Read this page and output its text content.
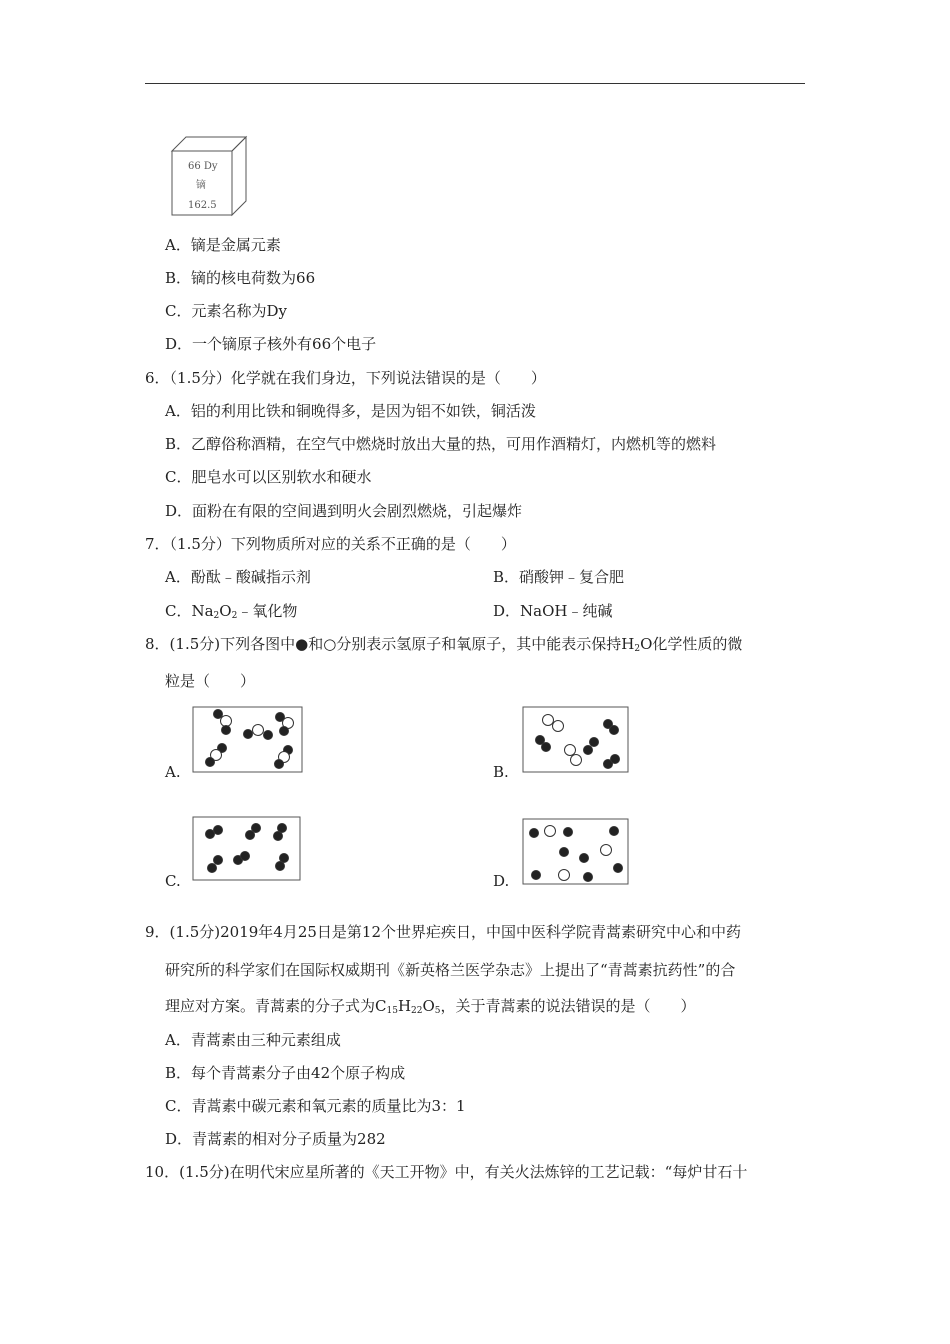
66 Dy
镝
162.5
A．镝是金属元素
B．镝的核电荷数为66
C．元素名称为Dy
D．一个镝原子核外有66个电子
6．（1.5分）化学就在我们身边，下列说法错误的是（　　）
A．铝的利用比铁和铜晚得多，是因为铝不如铁，铜活泼
B．乙醇俗称酒精，在空气中燃烧时放出大量的热，可用作酒精灯，内燃机等的燃料
C．肥皂水可以区别软水和硬水
D．面粉在有限的空间遇到明火会剧烈燃烧，引起爆炸
7．（1.5分）下列物质所对应的关系不正确的是（　　）
A．酚酞﹣酸碱指示剂	B．硝酸钾﹣复合肥
C．$Na_2O_2﹣$氧化物	D．NaOH﹣纯碱
8．(1.5分)下列各图中●和○分别表示氢原子和氧原子，其中能表示保持$H_2O$化学性质的微
粒是（　　）
A.	B.
C.	D.
9．(1.5分)2019年4月25日是第12个世界疟疾日，中国中医科学院青蒿素研究中心和中药
研究所的科学家们在国际权威期刊《新英格兰医学杂志》上提出了“青蒿素抗药性”的合
理应对方案。青蒿素的分子式为$C_{15}H_{22}O_5$，关于青蒿素的说法错误的是（　　）
A．青蒿素由三种元素组成
B．每个青蒿素分子由42个原子构成
C．青蒿素中碳元素和氧元素的质量比为3：1
D．青蒿素的相对分子质量为282
10．(1.5分)在明代宋应星所著的《天工开物》中，有关火法炼锌的工艺记载：“每炉甘石十
